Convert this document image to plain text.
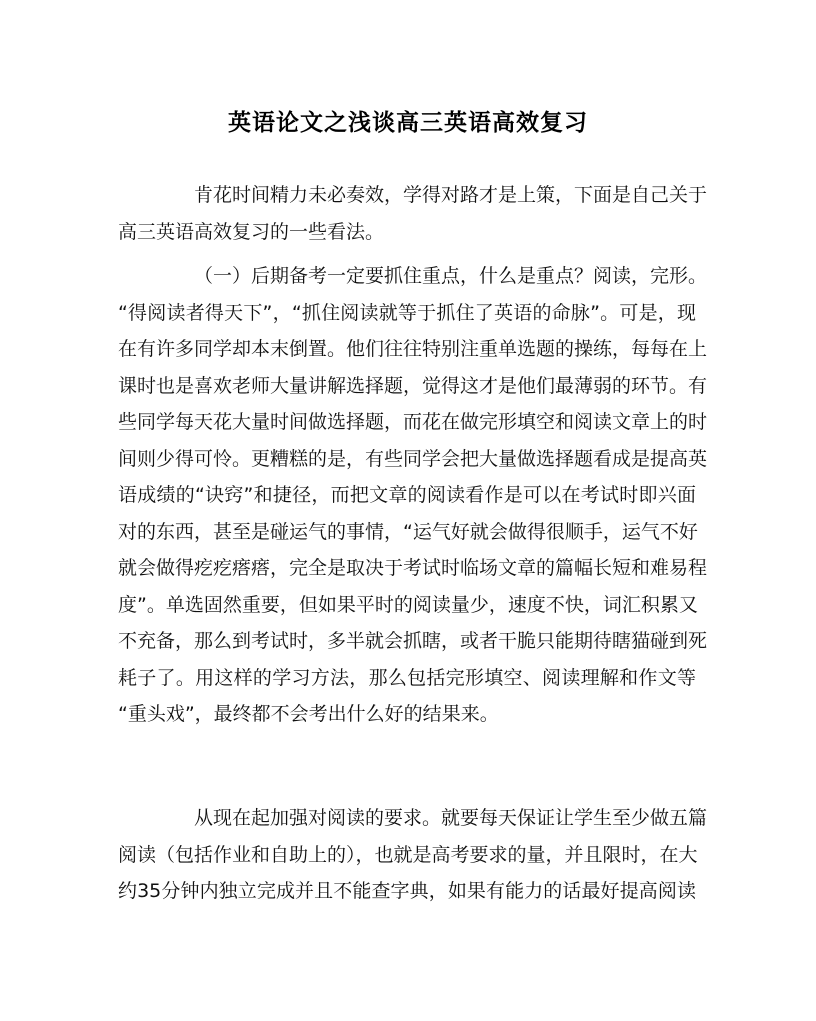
英语论文之浅谈高三英语高效复习
肯花时间精力未必奏效，学得对路才是上策，下面是自己关于
高三英语高效复习的一些看法。
（一）后期备考一定要抓住重点，什么是重点？阅读，完形。
“得阅读者得天下”，“抓住阅读就等于抓住了英语的命脉”。可是，现
在有许多同学却本末倒置。他们往往特别注重单选题的操练，每每在上
课时也是喜欢老师大量讲解选择题，觉得这才是他们最薄弱的环节。有
些同学每天花大量时间做选择题，而花在做完形填空和阅读文章上的时
间则少得可怜。更糟糕的是，有些同学会把大量做选择题看成是提高英
语成绩的“诀窍”和捷径，而把文章的阅读看作是可以在考试时即兴面
对的东西，甚至是碰运气的事情，“运气好就会做得很顺手，运气不好
就会做得疙疙瘩瘩，完全是取决于考试时临场文章的篇幅长短和难易程
度”。单选固然重要，但如果平时的阅读量少，速度不快，词汇积累又
不充备，那么到考试时，多半就会抓瞎，或者干脆只能期待瞎猫碰到死
耗子了。用这样的学习方法，那么包括完形填空、阅读理解和作文等
“重头戏”，最终都不会考出什么好的结果来。
从现在起加强对阅读的要求。就要每天保证让学生至少做五篇
阅读（包括作业和自助上的），也就是高考要求的量，并且限时，在大
约35分钟内独立完成并且不能查字典，如果有能力的话最好提高阅读
